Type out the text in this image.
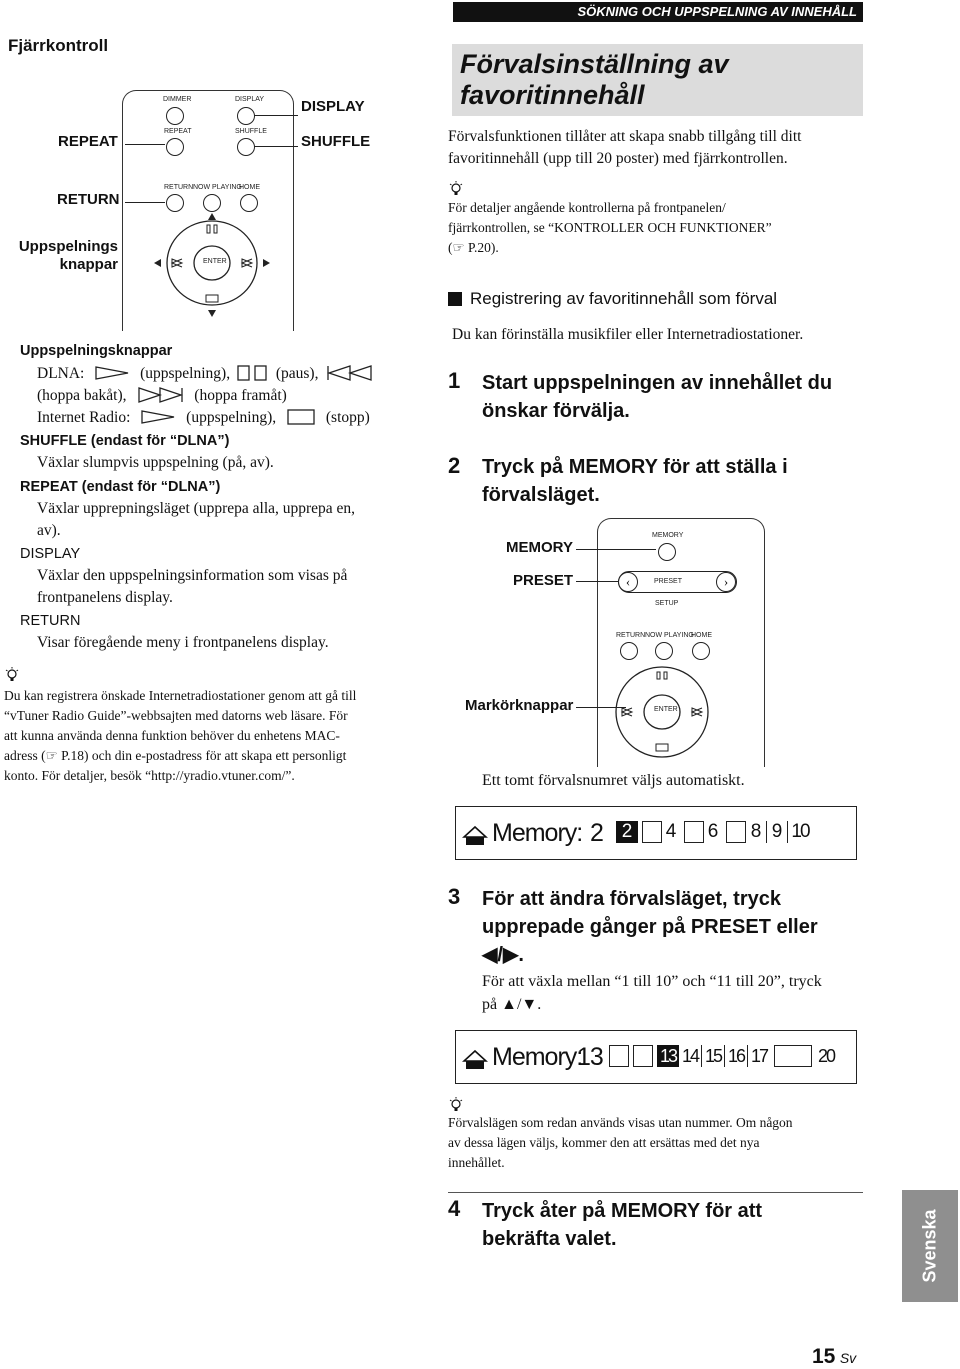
SÖKNING OCH UPPSPELNING AV INNEHÅLL
Fjärrkontroll
DIMMER	DISPLAY
REPEAT	SHUFFLE
REPEAT
DISPLAY
SHUFFLE
RETURN NOW PLAYING
HOME
RETURN
ENTER
Uppspelnings
knappar
Uppspelningsknappar
DLNA:	(uppspelning),	(paus),
(hoppa bakåt),	(hoppa framåt)
Internet Radio:	(uppspelning),	(stopp)
SHUFFLE (endast för “DLNA”)
Växlar slumpvis uppspelning (på, av).
REPEAT (endast för “DLNA”)
Växlar upprepningsläget (upprepa alla, upprepa en,
av).
DISPLAY
Växlar den uppspelningsinformation som visas på
frontpanelens display.
RETURN
Visar föregående meny i frontpanelens display.
Du kan registrera önskade Internetradiostationer genom att gå till
“vTuner Radio Guide”-webbsajten med datorns web läsare. För
att kunna använda denna funktion behöver du enhetens MAC-
adress (☞ P.18) och din e-postadress för att skapa ett personligt
konto. För detaljer, besök “http://yradio.vtuner.com/”.
Förvalsinställning av
favoritinnehåll
Förvalsfunktionen tillåter att skapa snabb tillgång till ditt
favoritinnehåll (upp till 20 poster) med fjärrkontrollen.
För detaljer angående kontrollerna på frontpanelen/
fjärrkontrollen, se “KONTROLLER OCH FUNKTIONER”
(☞ P.20).
Registrering av favoritinnehåll som förval
Du kan förinställa musikfiler eller Internetradiostationer.
1 Start uppspelningen av innehållet du
önskar förvälja.
2 Tryck på MEMORY för att ställa i
förvalsläget.
MEMORY
‹	›
PRESET
SETUP
RETURN NOW PLAYING
HOME
ENTER
MEMORY
PRESET
Markörknappar
Ett tomt förvalsnumret väljs automatiskt.
Memory: 2 2 4 6 8 9 10
3 För att ändra förvalsläget, tryck
upprepade gånger på PRESET eller
◀/▶.
För att växla mellan “1 till 10” och “11 till 20”, tryck
på ▲/▼.
Memory:
13	13 14 15 16 17	20
Förvalslägen som redan används visas utan nummer. Om någon
av dessa lägen väljs, kommer den att ersättas med det nya
innehållet.
4 Tryck åter på MEMORY för att
bekräfta valet.	Svenska
15 Sv
